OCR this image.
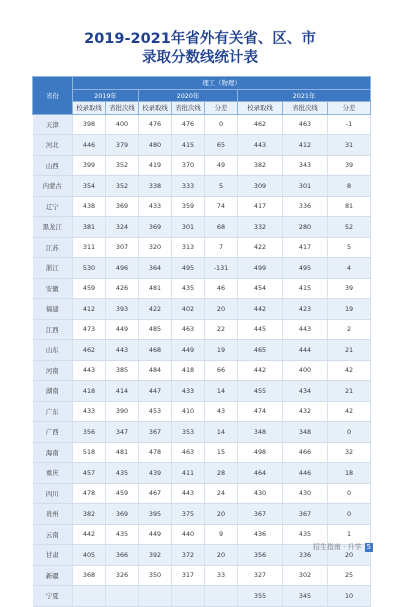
2019-2021年省外有关省、区、市
录取分数线统计表
省份	理工（物理）							
	2019年		2020年			2021年		
	校录取线	省批次线	校录取线	省批次线	分差	校录取线	省批次线	分差
天津	398	400	476	476	0	462	463	-1
河北	446	379	480	415	65	443	412	31
山西	399	352	419	370	49	382	343	39
内蒙古	354	352	338	333	5	309	301	8
辽宁	438	369	433	359	74	417	336	81
黑龙江	381	324	369	301	68	332	280	52
江苏	311	307	320	313	7	422	417	5
浙江	530	496	364	495	-131	499	495	4
安徽	459	426	481	435	46	454	415	39
福建	412	393	422	402	20	442	423	19
江西	473	449	485	463	22	445	443	2
山东	462	443	468	449	19	465	444	21
河南	443	385	484	418	66	442	400	42
湖南	418	414	447	433	14	455	434	21
广东	433	390	453	410	43	474	432	42
广西	356	347	367	353	14	348	348	0
海南	518	481	478	463	15	498	466	32
重庆	457	435	439	411	28	464	446	18
四川	478	459	467	443	24	430	430	0
贵州	382	369	395	375	20	367	367	0
云南	442	435	449	440	9	436	435	1
甘肃	405	366	392	372	20	356	336	20
新疆	368	326	350	317	33	327	302	25
宁夏						355	345	10
招生指南 · 升学 5
